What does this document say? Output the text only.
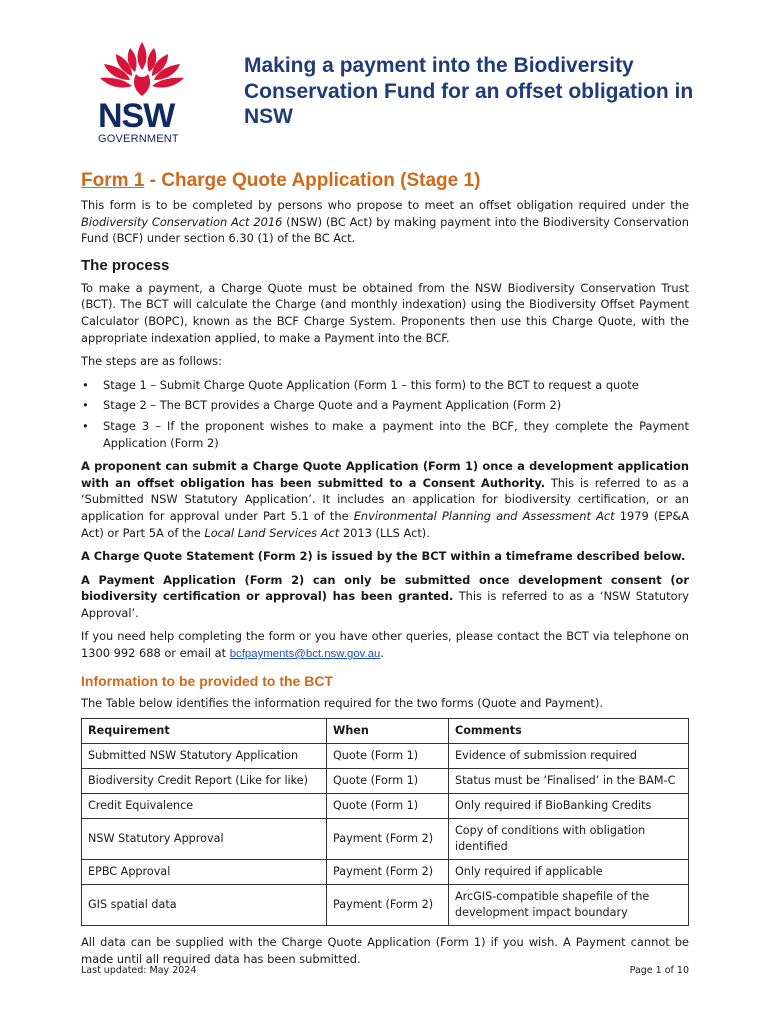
NSW
GOVERNMENT
Making a payment into the Biodiversity Conservation Fund for an offset obligation in NSW
Form 1 - Charge Quote Application (Stage 1)

This form is to be completed by persons who propose to meet an offset obligation required under the Biodiversity Conservation Act 2016 (NSW) (BC Act) by making payment into the Biodiversity Conservation Fund (BCF) under section 6.30 (1) of the BC Act.

The process

To make a payment, a Charge Quote must be obtained from the NSW Biodiversity Conservation Trust (BCT). The BCT will calculate the Charge (and monthly indexation) using the Biodiversity Offset Payment Calculator (BOPC), known as the BCF Charge System. Proponents then use this Charge Quote, with the appropriate indexation applied, to make a Payment into the BCF.

The steps are as follows:

• Stage 1 – Submit Charge Quote Application (Form 1 – this form) to the BCT to request a quote
• Stage 2 – The BCT provides a Charge Quote and a Payment Application (Form 2)
• Stage 3 – If the proponent wishes to make a payment into the BCF, they complete the Payment Application (Form 2)

A proponent can submit a Charge Quote Application (Form 1) once a development application with an offset obligation has been submitted to a Consent Authority. This is referred to as a ‘Submitted NSW Statutory Application’. It includes an application for biodiversity certification, or an application for approval under Part 5.1 of the Environmental Planning and Assessment Act 1979 (EP&A Act) or Part 5A of the Local Land Services Act 2013 (LLS Act).

A Charge Quote Statement (Form 2) is issued by the BCT within a timeframe described below.

A Payment Application (Form 2) can only be submitted once development consent (or biodiversity certification or approval) has been granted. This is referred to as a ‘NSW Statutory Approval’.

If you need help completing the form or you have other queries, please contact the BCT via telephone on 1300 992 688 or email at bcfpayments@bct.nsw.gov.au.

Information to be provided to the BCT

The Table below identifies the information required for the two forms (Quote and Payment).

Requirement	When	Comments
Submitted NSW Statutory Application	Quote (Form 1)	Evidence of submission required
Biodiversity Credit Report (Like for like)	Quote (Form 1)	Status must be ‘Finalised’ in the BAM-C
Credit Equivalence	Quote (Form 1)	Only required if BioBanking Credits
NSW Statutory Approval	Payment (Form 2)	Copy of conditions with obligation identified
EPBC Approval	Payment (Form 2)	Only required if applicable
GIS spatial data	Payment (Form 2)	ArcGIS-compatible shapefile of the development impact boundary

All data can be supplied with the Charge Quote Application (Form 1) if you wish. A Payment cannot be made until all required data has been submitted.

Last updated: May 2024	Page 1 of 10
